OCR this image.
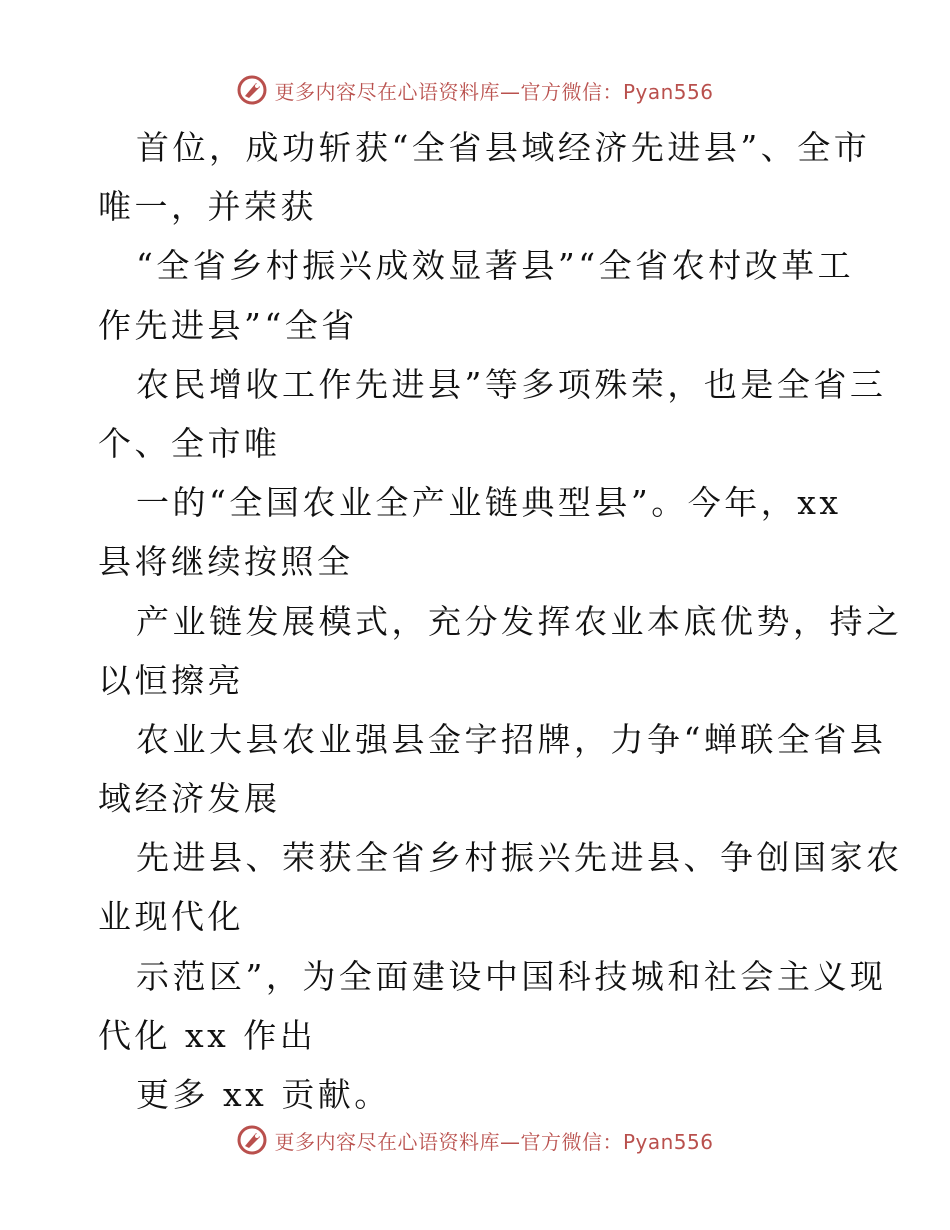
更多内容尽在心语资料库—官方微信：Pyan556
首位，成功斩获“全省县域经济先进县”、全市
唯一，并荣获
“全省乡村振兴成效显著县”“全省农村改革工
作先进县”“全省
农民增收工作先进县”等多项殊荣，也是全省三
个、全市唯
一的“全国农业全产业链典型县”。今年，xx
县将继续按照全
产业链发展模式，充分发挥农业本底优势，持之
以恒擦亮
农业大县农业强县金字招牌，力争“蝉联全省县
域经济发展
先进县、荣获全省乡村振兴先进县、争创国家农
业现代化
示范区”，为全面建设中国科技城和社会主义现
代化 xx 作出
更多 xx 贡献。
更多内容尽在心语资料库—官方微信：Pyan556
